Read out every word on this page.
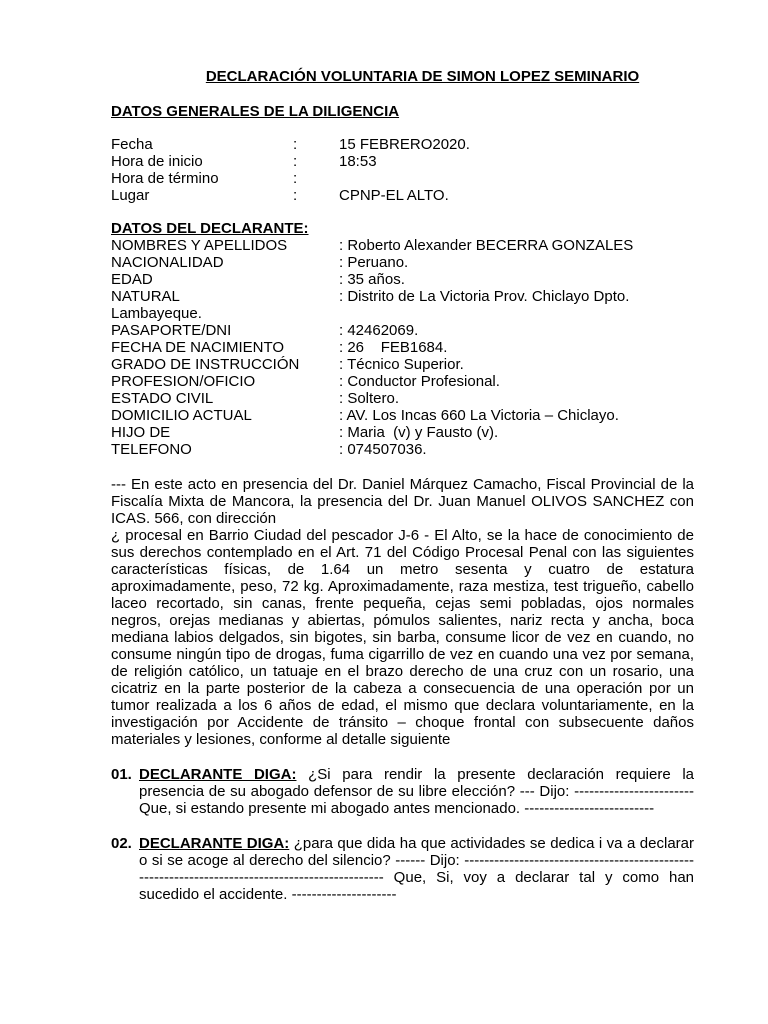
DECLARACIÓN VOLUNTARIA DE SIMON LOPEZ SEMINARIO
DATOS GENERALES DE LA DILIGENCIA
Fecha	:	15 FEBRERO2020.
Hora de inicio	:	18:53
Hora de término	:	
Lugar	:	CPNP-EL ALTO.
DATOS DEL DECLARANTE:
NOMBRES Y APELLIDOS	: Roberto Alexander BECERRA GONZALES
NACIONALIDAD	: Peruano.
EDAD	: 35 años.
NATURAL	: Distrito de La Victoria Prov. Chiclayo Dpto.
Lambayeque.	
PASAPORTE/DNI	: 42462069.
FECHA DE NACIMIENTO	: 26    FEB1684.
GRADO DE INSTRUCCIÓN	: Técnico Superior.
PROFESION/OFICIO	: Conductor Profesional.
ESTADO CIVIL	: Soltero.
DOMICILIO ACTUAL	: AV. Los Incas 660 La Victoria – Chiclayo.
HIJO DE	: Maria  (v) y Fausto (v).
TELEFONO	: 074507036.

--- En este acto en presencia del Dr. Daniel Márquez Camacho, Fiscal Provincial de la Fiscalía Mixta de Mancora, la presencia del Dr. Juan Manuel OLIVOS SANCHEZ con ICAS. 566, con dirección

¿ procesal en Barrio Ciudad del pescador J-6 - El Alto, se la hace de conocimiento de sus derechos contemplado en el Art. 71 del Código Procesal Penal con las siguientes características físicas, de 1.64 un metro sesenta y cuatro de estatura aproximadamente, peso, 72 kg. Aproximadamente, raza mestiza, test trigueño, cabello laceo recortado, sin canas, frente pequeña, cejas semi pobladas, ojos normales negros, orejas medianas y abiertas, pómulos salientes, nariz recta y ancha, boca mediana labios delgados, sin bigotes, sin barba, consume licor de vez en cuando, no consume ningún tipo de drogas, fuma cigarrillo de vez en cuando una vez por semana, de religión católico, un tatuaje en el brazo derecho de una cruz con un rosario, una cicatriz en la parte posterior de la cabeza a consecuencia de una operación por un tumor realizada a los 6 años de edad, el mismo que declara voluntariamente, en la investigación por Accidente de tránsito – choque frontal con subsecuente daños materiales y lesiones, conforme al detalle siguiente

01. DECLARANTE DIGA: ¿Si para rendir la presente declaración requiere la presencia de su abogado defensor de su libre elección? --- Dijo: ------------------------ Que, si estando presente mi abogado antes mencionado. --------------------------
02. DECLARANTE DIGA: ¿para que dida ha que actividades se dedica i va a declarar o si se acoge al derecho del silencio? ------ Dijo: ----------------------------------------------------------------------------------------------- Que, Si, voy a declarar tal y como han sucedido el accidente. ---------------------
